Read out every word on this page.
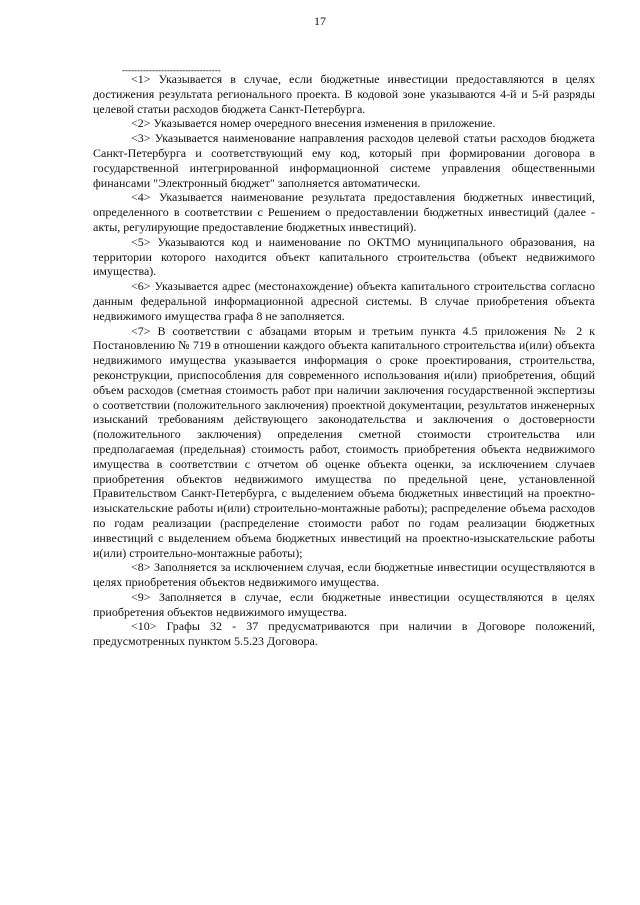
17
---------------------------------

<1> Указывается в случае, если бюджетные инвестиции предоставляются в целях достижения результата регионального проекта. В кодовой зоне указываются 4-й и 5-й разряды целевой статьи расходов бюджета Санкт-Петербурга.

<2> Указывается номер очередного внесения изменения в приложение.

<3> Указывается наименование направления расходов целевой статьи расходов бюджета Санкт-Петербурга и соответствующий ему код, который при формировании договора в государственной интегрированной информационной системе управления общественными финансами "Электронный бюджет" заполняется автоматически.

<4> Указывается наименование результата предоставления бюджетных инвестиций, определенного в соответствии с Решением о предоставлении бюджетных инвестиций (далее - акты, регулирующие предоставление бюджетных инвестиций).

<5> Указываются код и наименование по ОКТМО муниципального образования, на территории которого находится объект капитального строительства (объект недвижимого имущества).

<6> Указывается адрес (местонахождение) объекта капитального строительства согласно данным федеральной информационной адресной системы. В случае приобретения объекта недвижимого имущества графа 8 не заполняется.

<7> В соответствии с абзацами вторым и третьим пункта 4.5 приложения № 2 к Постановлению № 719 в отношении каждого объекта капитального строительства и(или) объекта недвижимого имущества указывается информация о сроке проектирования, строительства, реконструкции, приспособления для современного использования и(или) приобретения, общий объем расходов (сметная стоимость работ при наличии заключения государственной экспертизы о соответствии (положительного заключения) проектной документации, результатов инженерных изысканий требованиям действующего законодательства и заключения о достоверности (положительного заключения) определения сметной стоимости строительства или предполагаемая (предельная) стоимость работ, стоимость приобретения объекта недвижимого имущества в соответствии с отчетом об оценке объекта оценки, за исключением случаев приобретения объектов недвижимого имущества по предельной цене, установленной Правительством Санкт-Петербурга, с выделением объема бюджетных инвестиций на проектно-изыскательские работы и(или) строительно-монтажные работы); распределение объема расходов по годам реализации (распределение стоимости работ по годам реализации бюджетных инвестиций с выделением объема бюджетных инвестиций на проектно-изыскательские работы и(или) строительно-монтажные работы);

<8> Заполняется за исключением случая, если бюджетные инвестиции осуществляются в целях приобретения объектов недвижимого имущества.

<9> Заполняется в случае, если бюджетные инвестиции осуществляются в целях приобретения объектов недвижимого имущества.

<10> Графы 32 - 37 предусматриваются при наличии в Договоре положений, предусмотренных пунктом 5.5.23 Договора.
